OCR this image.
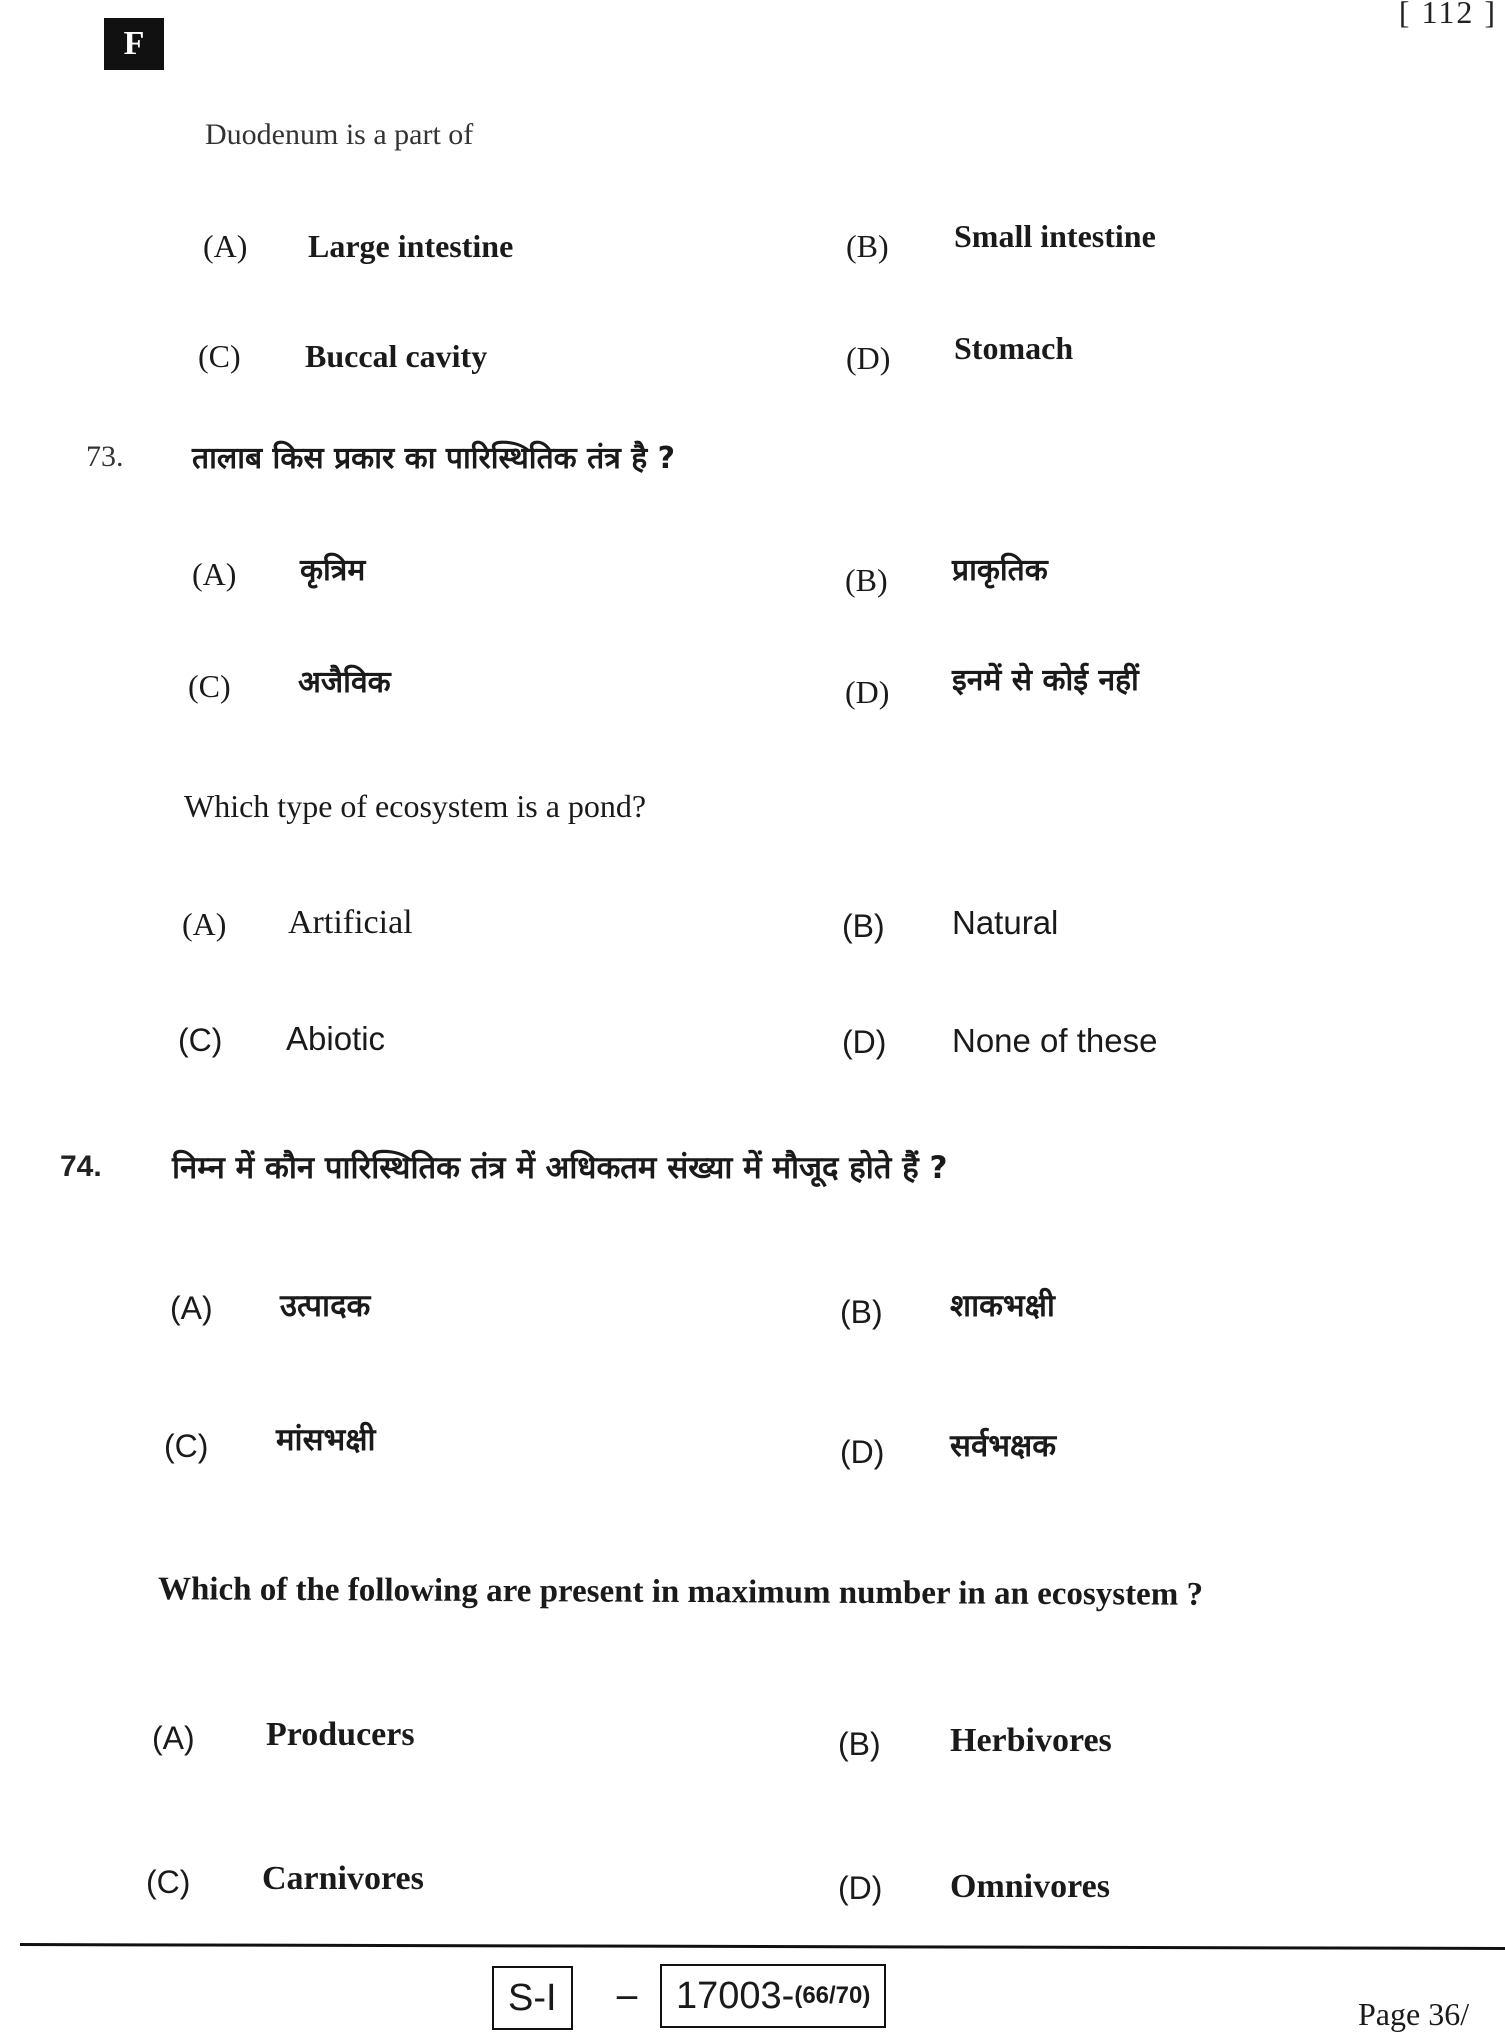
F
[ 112 ]
Duodenum is a part of
(A) Large intestine	(B) Small intestine
(C) Buccal cavity	(D) Stomach
73. तालाब किस प्रकार का पारिस्थितिक तंत्र है ?
(A) कृत्रिम	(B) प्राकृतिक
(C) अजैविक	(D) इनमें से कोई नहीं
Which type of ecosystem is a pond?
(A) Artificial	(B) Natural
(C) Abiotic	(D) None of these
74. निम्न में कौन पारिस्थितिक तंत्र में अधिकतम संख्या में मौजूद होते हैं ?
(A) उत्पादक	(B) शाकभक्षी
(C) मांसभक्षी	(D) सर्वभक्षक
Which of the following are present in maximum number in an ecosystem ?
(A) Producers	(B) Herbivores
(C) Carnivores	(D) Omnivores
S-I – 17003- (66/70)
Page 36/
